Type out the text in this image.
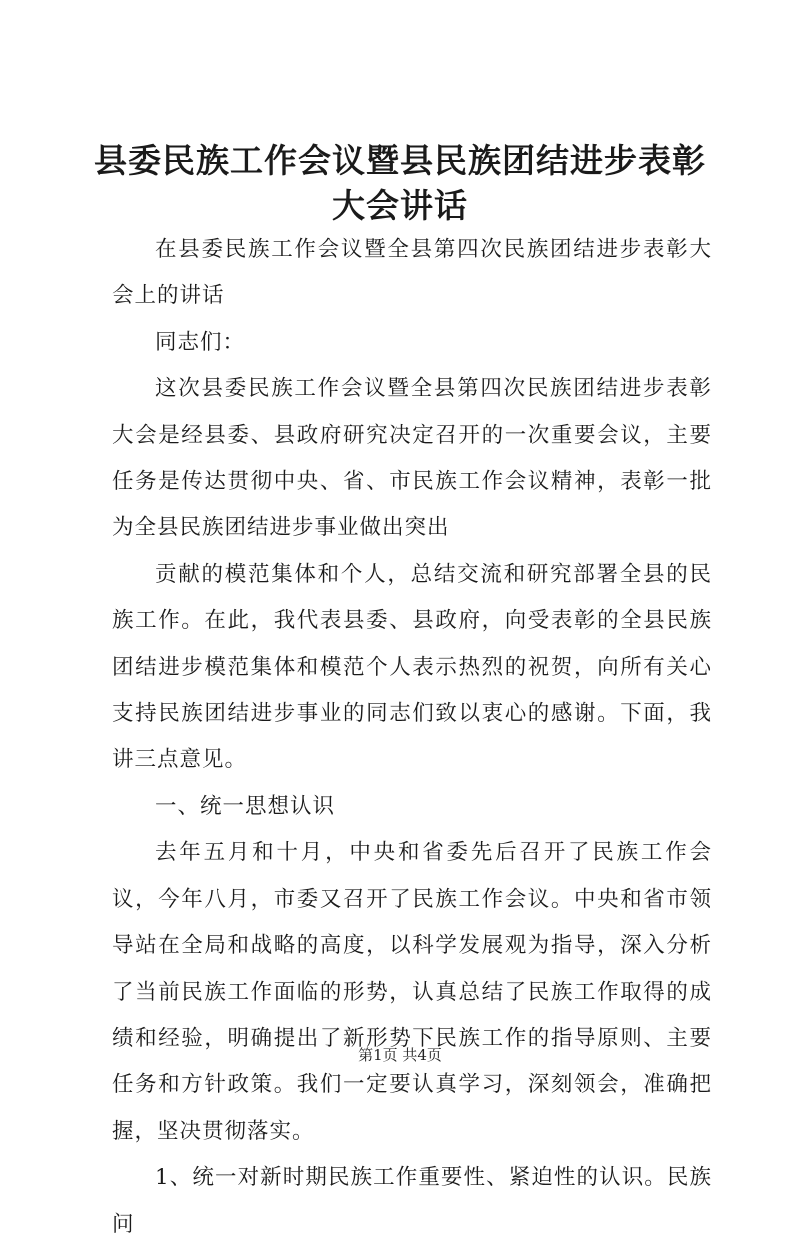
县委民族工作会议暨县民族团结进步表彰大会讲话

在县委民族工作会议暨全县第四次民族团结进步表彰大会上的讲话

同志们：

这次县委民族工作会议暨全县第四次民族团结进步表彰大会是经县委、县政府研究决定召开的一次重要会议，主要任务是传达贯彻中央、省、市民族工作会议精神，表彰一批为全县民族团结进步事业做出突出

贡献的模范集体和个人，总结交流和研究部署全县的民族工作。在此，我代表县委、县政府，向受表彰的全县民族团结进步模范集体和模范个人表示热烈的祝贺，向所有关心支持民族团结进步事业的同志们致以衷心的感谢。下面，我讲三点意见。

一、统一思想认识

去年五月和十月，中央和省委先后召开了民族工作会议，今年八月，市委又召开了民族工作会议。中央和省市领导站在全局和战略的高度，以科学发展观为指导，深入分析了当前民族工作面临的形势，认真总结了民族工作取得的成绩和经验，明确提出了新形势下民族工作的指导原则、主要任务和方针政策。我们一定要认真学习，深刻领会，准确把握，坚决贯彻落实。

1、统一对新时期民族工作重要性、紧迫性的认识。民族问

第1页 共4页
